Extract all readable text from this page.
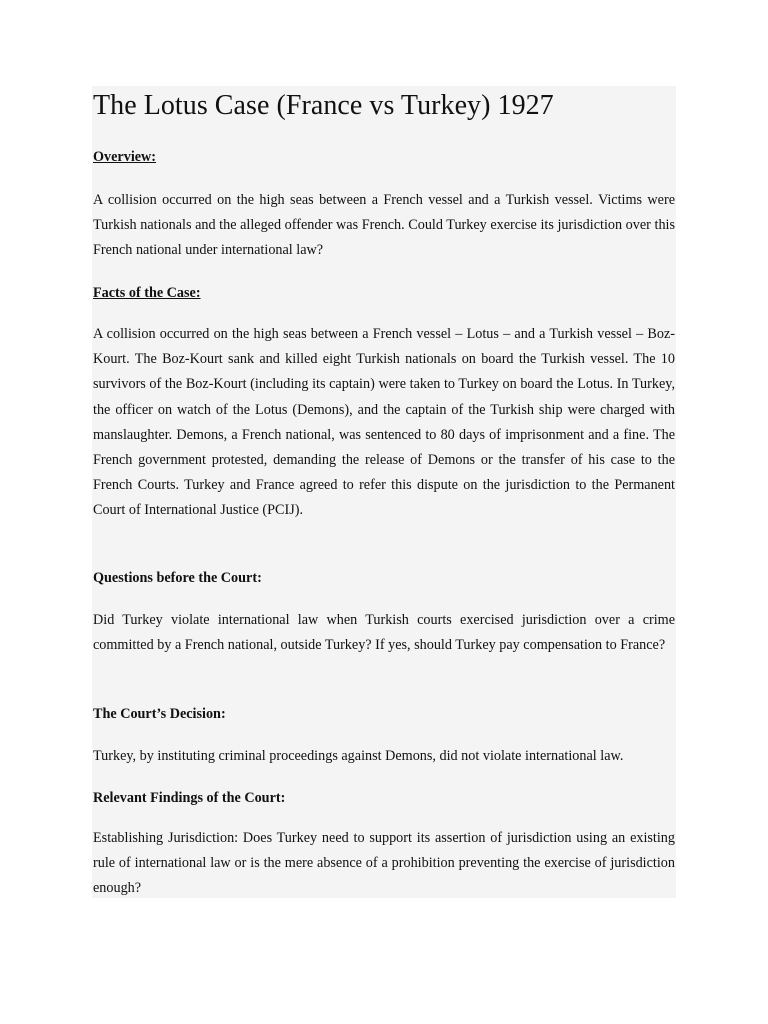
The Lotus Case (France vs Turkey) 1927
Overview:

A collision occurred on the high seas between a French vessel and a Turkish vessel. Victims were Turkish nationals and the alleged offender was French. Could Turkey exercise its jurisdiction over this French national under international law?

Facts of the Case:

A collision occurred on the high seas between a French vessel – Lotus – and a Turkish vessel – Boz-Kourt. The Boz-Kourt sank and killed eight Turkish nationals on board the Turkish vessel. The 10 survivors of the Boz-Kourt (including its captain) were taken to Turkey on board the Lotus. In Turkey, the officer on watch of the Lotus (Demons), and the captain of the Turkish ship were charged with manslaughter. Demons, a French national, was sentenced to 80 days of imprisonment and a fine. The French government protested, demanding the release of Demons or the transfer of his case to the French Courts. Turkey and France agreed to refer this dispute on the jurisdiction to the Permanent Court of International Justice (PCIJ).

Questions before the Court:

Did Turkey violate international law when Turkish courts exercised jurisdiction over a crime committed by a French national, outside Turkey? If yes, should Turkey pay compensation to France?

The Court’s Decision:

Turkey, by instituting criminal proceedings against Demons, did not violate international law.

Relevant Findings of the Court:

Establishing Jurisdiction: Does Turkey need to support its assertion of jurisdiction using an existing rule of international law or is the mere absence of a prohibition preventing the exercise of jurisdiction enough?
